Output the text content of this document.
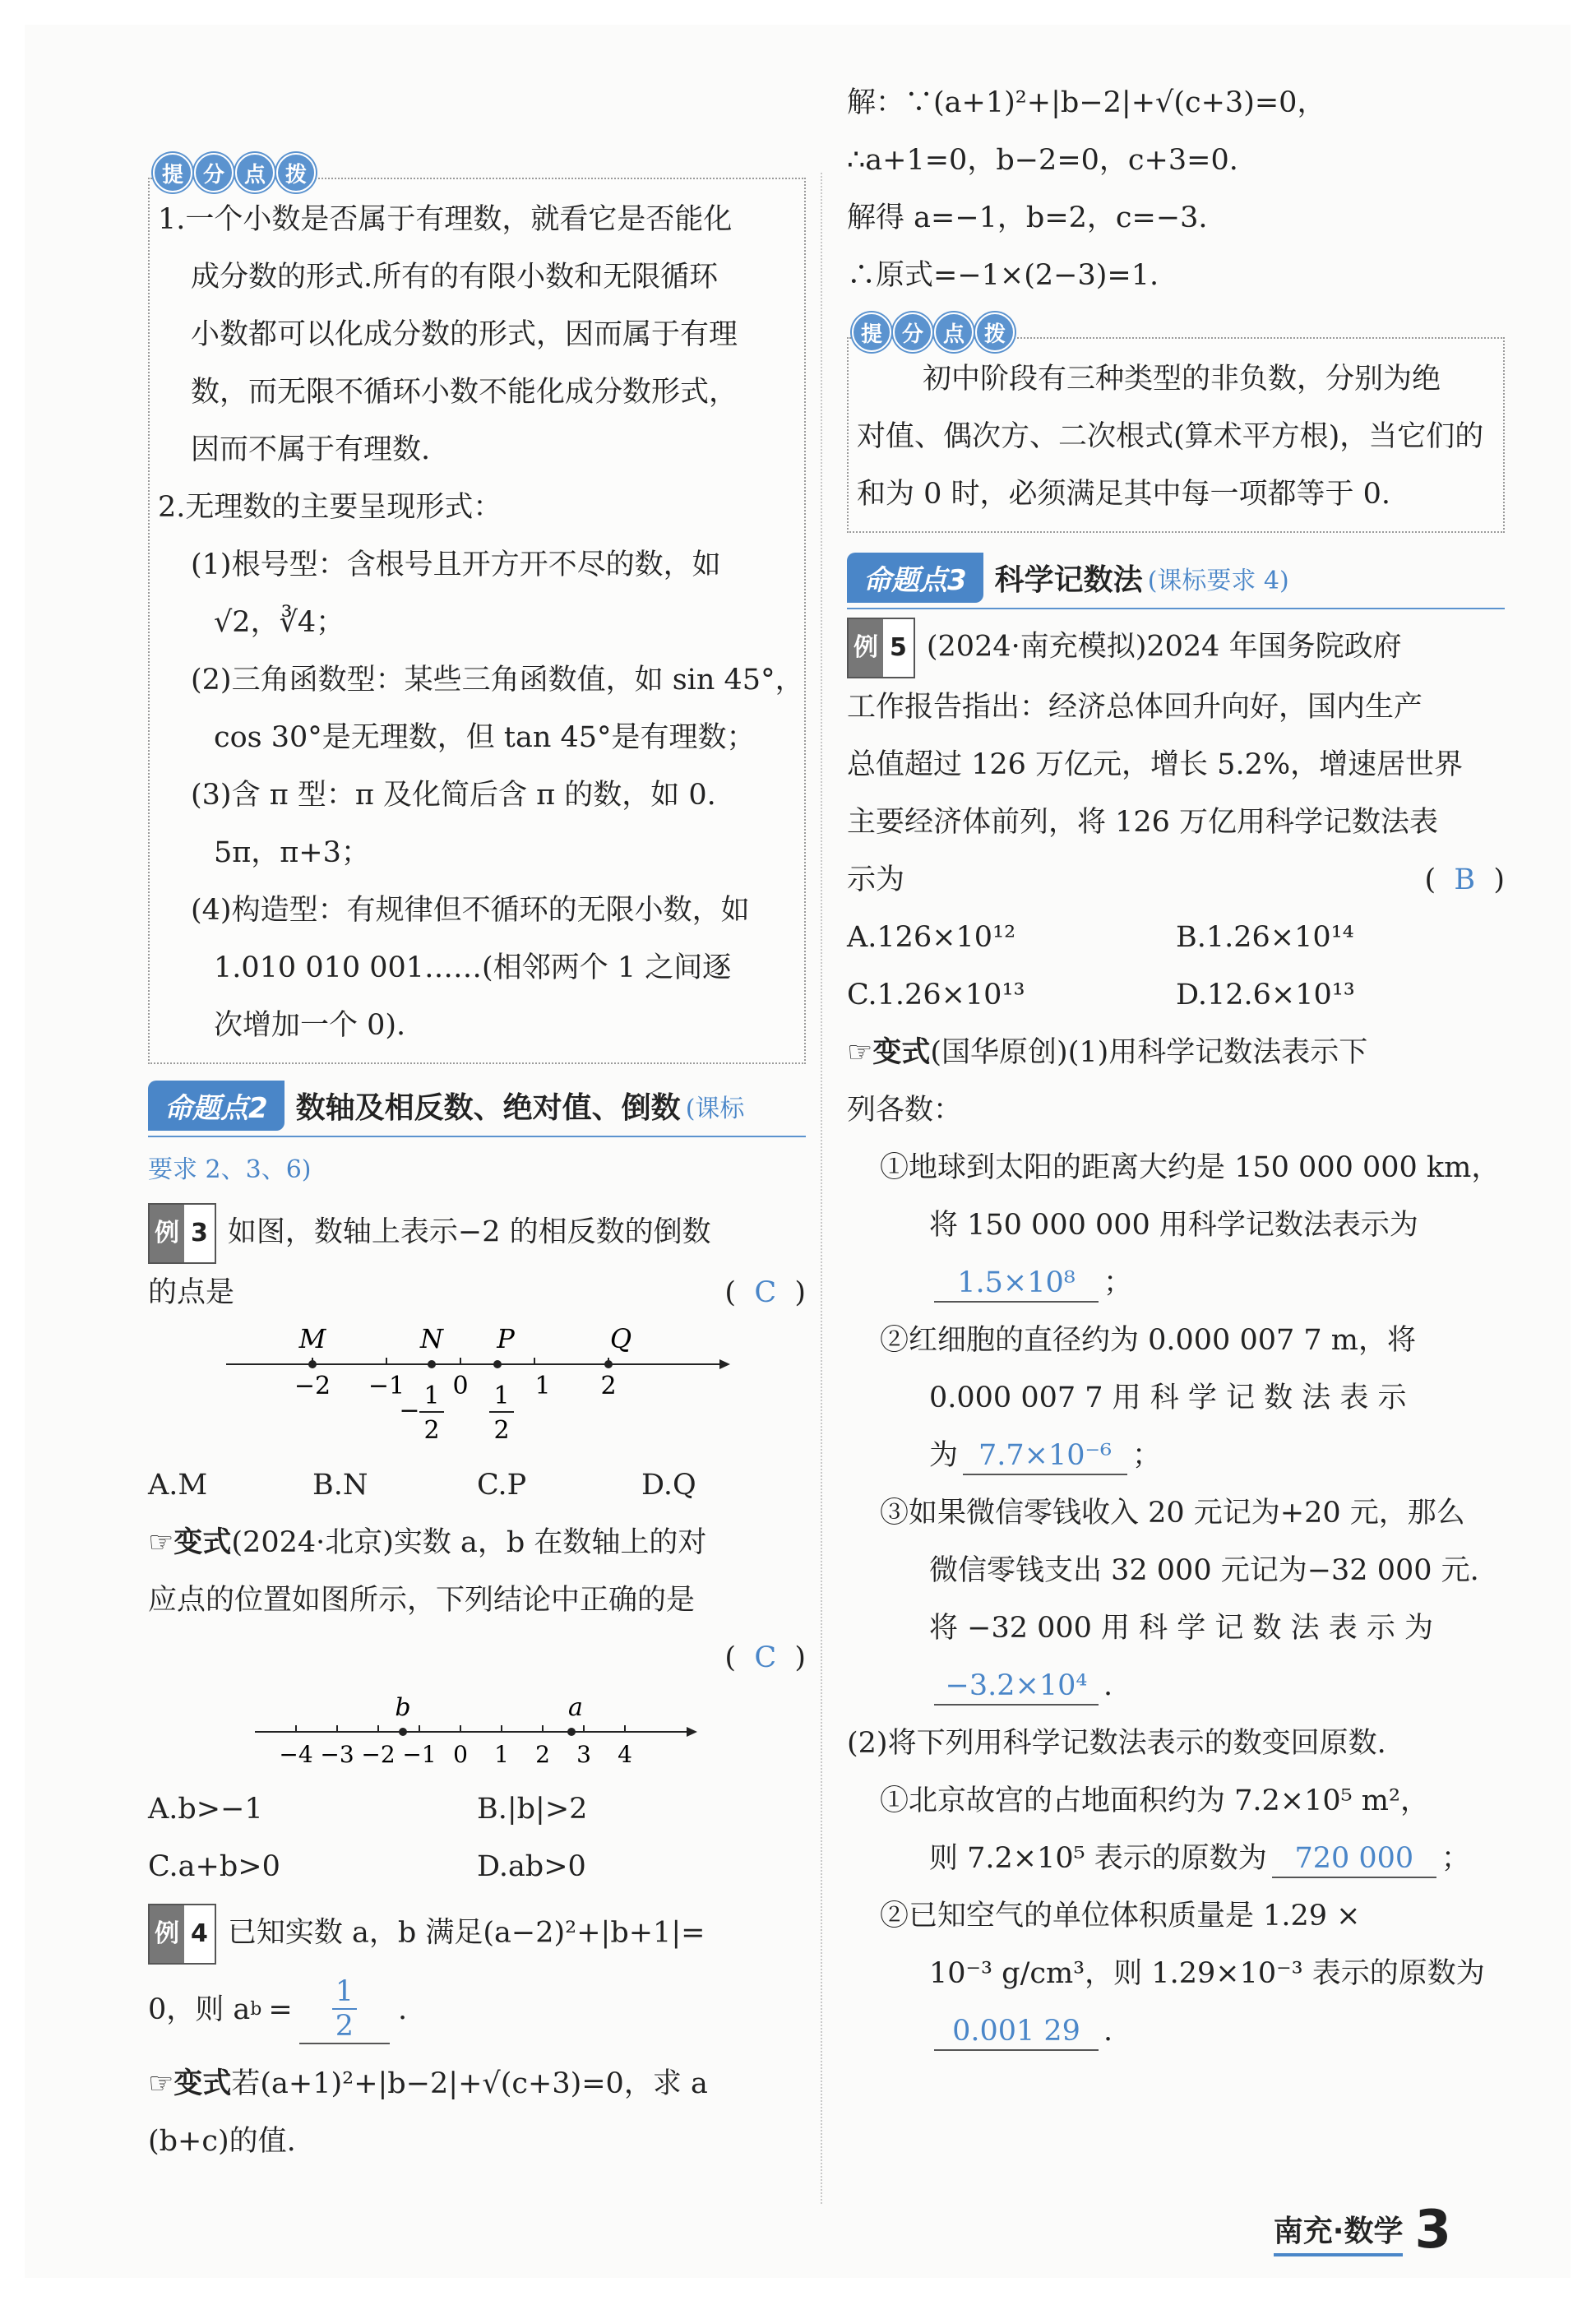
提 分 点 拨
1.一个小数是否属于有理数，就看它是否能化
成分数的形式.所有的有限小数和无限循环
小数都可以化成分数的形式，因而属于有理
数，而无限不循环小数不能化成分数形式，
因而不属于有理数.
2.无理数的主要呈现形式：
(1)根号型：含根号且开方开不尽的数，如
√2，∛4；
(2)三角函数型：某些三角函数值，如 sin 45°，
cos 30°是无理数，但 tan 45°是有理数；
(3)含 π 型：π 及化简后含 π 的数，如 0.
5π，π+3；
(4)构造型：有规律但不循环的无限小数，如
1.010 010 001……(相邻两个 1 之间逐
次增加一个 0).
命题点2 数轴及相反数、绝对值、倒数 (课标
要求 2、3、6)
例 3 如图，数轴上表示−2 的相反数的倒数
的点是	(  C  )
M	N P	Q
−2 −1 0	1 2
−
1
2
1
2
A.M	B.N	C.P	D.Q
☞变式(2024·北京)实数 a，b 在数轴上的对
应点的位置如图所示，下列结论中正确的是
(  C  )
b	a
−4 −3 −2 −1 0 1 2 3 4
A.b>−1	B.|b|>2
C.a+b>0	D.ab>0
例 4 已知实数 a，b 满足(a−2)²+|b+1|=
0，则 a $b = \frac{1}{2}$ .
☞变式若(a+1)²+|b−2|+√(c+3)=0，求 a
(b+c)的值.
解：∵(a+1)²+|b−2|+√(c+3)=0，
∴a+1=0，b−2=0，c+3=0.
解得 a=−1，b=2，c=−3.
∴原式=−1×(2−3)=1.
提 分 点 拨
初中阶段有三种类型的非负数，分别为绝
对值、偶次方、二次根式(算术平方根)，当它们的
和为 0 时，必须满足其中每一项都等于 0.
命题点3 科学记数法 (课标要求 4)
例 5 (2024·南充模拟)2024 年国务院政府
工作报告指出：经济总体回升向好，国内生产
总值超过 126 万亿元，增长 5.2%，增速居世界
主要经济体前列，将 126 万亿用科学记数法表
示为	(  B  )
A.126×10¹²	B.1.26×10¹⁴
C.1.26×10¹³	D.12.6×10¹³
☞变式(国华原创)(1)用科学记数法表示下
列各数：
①地球到太阳的距离大约是 150 000 000 km，
将 150 000 000 用科学记数法表示为
1.5×10⁸ ；
②红细胞的直径约为 0.000 007 7 m，将
0.000 007 7 用 科 学 记 数 法 表 示
为 7.7×10⁻⁶ ；
③如果微信零钱收入 20 元记为+20 元，那么
微信零钱支出 32 000 元记为−32 000 元.
将 −32 000 用 科 学 记 数 法 表 示 为
−3.2×10⁴ .
(2)将下列用科学记数法表示的数变回原数.
①北京故宫的占地面积约为 7.2×10⁵ m²，
则 7.2×10⁵ 表示的原数为 720 000 ；
②已知空气的单位体积质量是 1.29 ×
10⁻³ g/cm³，则 1.29×10⁻³ 表示的原数为
0.001 29 .
南充·数学 3
